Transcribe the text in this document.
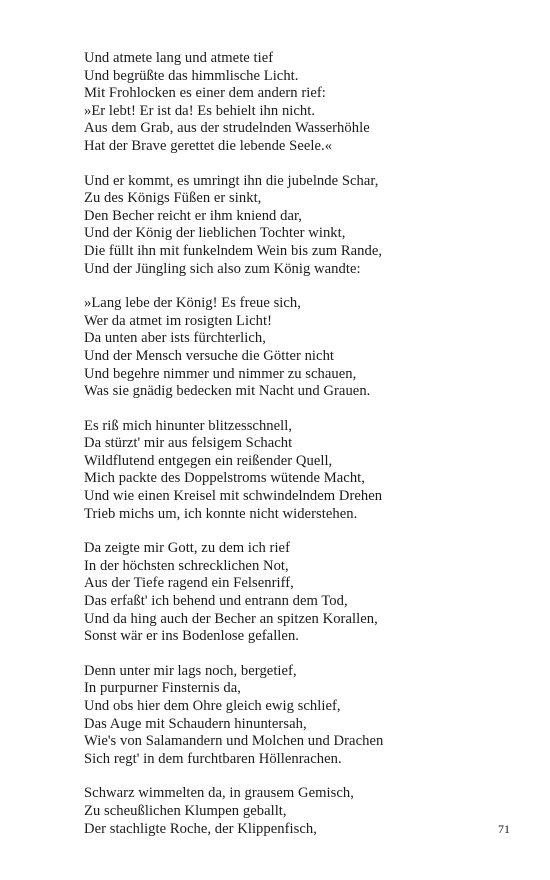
Und atmete lang und atmete tief
Und begrüßte das himmlische Licht.
Mit Frohlocken es einer dem andern rief:
»Er lebt! Er ist da! Es behielt ihn nicht.
Aus dem Grab, aus der strudelnden Wasserhöhle
Hat der Brave gerettet die lebende Seele.«
Und er kommt, es umringt ihn die jubelnde Schar,
Zu des Königs Füßen er sinkt,
Den Becher reicht er ihm kniend dar,
Und der König der lieblichen Tochter winkt,
Die füllt ihn mit funkelndem Wein bis zum Rande,
Und der Jüngling sich also zum König wandte:
»Lang lebe der König! Es freue sich,
Wer da atmet im rosigten Licht!
Da unten aber ists fürchterlich,
Und der Mensch versuche die Götter nicht
Und begehre nimmer und nimmer zu schauen,
Was sie gnädig bedecken mit Nacht und Grauen.
Es riß mich hinunter blitzesschnell,
Da stürzt' mir aus felsigem Schacht
Wildflutend entgegen ein reißender Quell,
Mich packte des Doppelstroms wütende Macht,
Und wie einen Kreisel mit schwindelndem Drehen
Trieb michs um, ich konnte nicht widerstehen.
Da zeigte mir Gott, zu dem ich rief
In der höchsten schrecklichen Not,
Aus der Tiefe ragend ein Felsenriff,
Das erfaßt' ich behend und entrann dem Tod,
Und da hing auch der Becher an spitzen Korallen,
Sonst wär er ins Bodenlose gefallen.
Denn unter mir lags noch, bergetief,
In purpurner Finsternis da,
Und obs hier dem Ohre gleich ewig schlief,
Das Auge mit Schaudern hinuntersah,
Wie's von Salamandern und Molchen und Drachen
Sich regt' in dem furchtbaren Höllenrachen.
Schwarz wimmelten da, in grausem Gemisch,
Zu scheußlichen Klumpen geballt,
Der stachligte Roche, der Klippenfisch,	71
